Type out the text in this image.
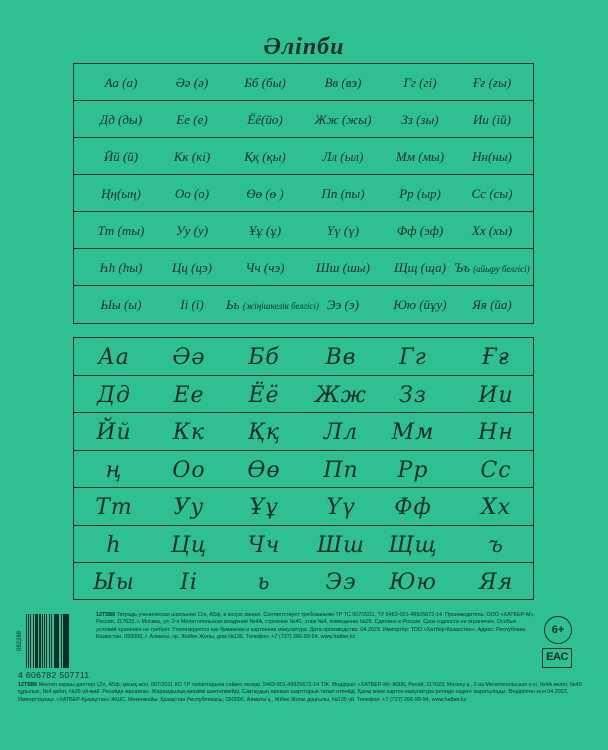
Әліпби
Аа (а)	Әә (ә)	Бб (бы)	Вв (вэ)	Гг (гі)	Ғғ (ғы)
Дд (ды)	Ее (е)	Ёё(йо)	Жж (жы)	Зз (зы)	Ии (ій)
Йй (й)	Кк (кі)	Ққ (қы)	Лл (ыл)	Мм (мы)	Нн(ны)
Ңң(ың)	Оо (о)	Өө (ө )	Пп (пы)	Рр (ыр)	Сс (сы)
Тт (ты)	Уу (у)	Ұұ (ұ)	Үү (ү)	Фф (эф)	Хх (хы)
Һһ (һы)	Цц (цэ)	Чч (чэ)	Шш (шы)	Щщ (ща) Ъъ (айыру белгісі)
Ыы (ы)	Іі (і)	Ьь (жіңішкелік белгісі) Ээ (э)	Юю (йұу)	Яя (йа)
Аа	Әә	Бб	Вв	Гг	Ғғ
Дд	Ее	Ёё	Жж	Зз	Ии
Йй	Кк	Ққ	Лл	Мм	Нн
ң	Оо	Өө	Пп	Рр	Сс
Тт	Уу	Ұұ	Үү	Фф	Хх
h	Цц	Чч	Шш	Щщ	ъ
Ыы	Іі	ь	Ээ	Юю	Яя
082288
4 606782 507711
12Т5В6 Тетрадь ученическая школьная 12л, А5ф, в косую линию. Соответствует требованиям ТР ТС 007/2011, ТУ 5463-001-49925672-14. Производитель: ООО «ХАТБЕР-М», Россия, 117623, г. Москва, ул. 2-я Мелитопольская владение №4А, строение №40, этаж №4, помещение №26. Сделано в России. Срок годности не ограничен. Особых условий хранения не требует. Утилизируется как бумажная и картонная макулатура. Дата производства: 04.2023. Импортёр: ТОО «Хатбер-Казахстан». Адрес: Республика Казахстан, 050000, г. Алматы, пр. Жибек Жолы, дом №135. Телефон: +7 (727) 266-99-94, www.hatber.kz
6+
EAC
12Т5В6 Мектеп оқушы дәптері 12л, А5ф, қисық жол. 007/2011 КО ТР талаптарына сәйкес келеді. 5463-001-49925672-14 ТЖ. Өндіруші: «ХАТБЕР-М» ЖШҚ, Ресей, 117623, Мәскеу қ., 2-ші Мелитопольская к-сі, №4А иелігі, №40 құрылыс, №4 қабат, №26 үй-жай. Ресейде жасалған. Жарамдылық мерзімі шектелмейді. Сақтаудың ерекше шарттарын талап етпейді. Қағаз және картон макулатура ретінде кәдеге жаратылады. Өндірілген күні 04.2023. Импорттаушы: «ХАТБЕР-Қазақстан» ЖШС. Мекенжайы: Қазақстан Республикасы, 050000, Алматы қ., Жібек Жолы даңғылы, №135 үй. Телефон: +7 (727) 266-99-94, www.hatber.kz
